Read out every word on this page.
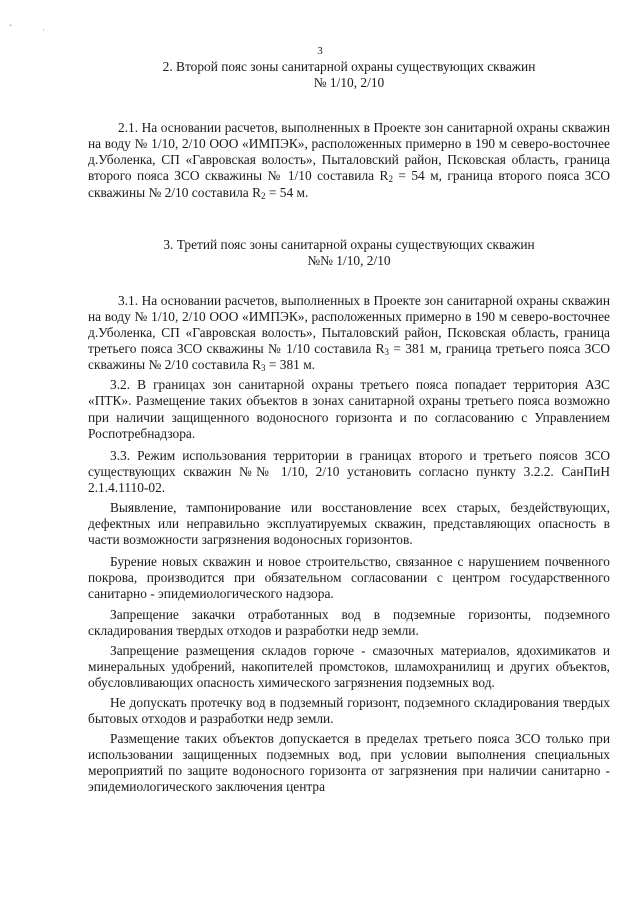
ˆ	·
3
2. Второй пояс зоны санитарной охраны существующих скважин
№ 1/10, 2/10

2.1. На основании расчетов, выполненных в Проекте зон санитарной охраны скважин на воду № 1/10, 2/10 ООО «ИМПЭК», расположенных примерно в 190 м северо-восточнее д.Уболенка, СП «Гавровская волость», Пыталовский район, Псковская область, граница второго пояса ЗСО скважины № 1/10 составила $R_2 = 54$ м, граница второго пояса ЗСО скважины № 2/10 составила $R_2 = 54$ м.

3. Третий пояс зоны санитарной охраны существующих скважин
№№ 1/10, 2/10

3.1. На основании расчетов, выполненных в Проекте зон санитарной охраны скважин на воду № 1/10, 2/10 ООО «ИМПЭК», расположенных примерно в 190 м северо-восточнее д.Уболенка, СП «Гавровская волость», Пыталовский район, Псковская область, граница третьего пояса ЗСО скважины № 1/10 составила $R_3 = 381$ м, граница третьего пояса ЗСО скважины № 2/10 составила $R_3 = 381$ м.

3.2. В границах зон санитарной охраны третьего пояса попадает территория АЗС «ПТК». Размещение таких объектов в зонах санитарной охраны третьего пояса возможно при наличии защищенного водоносного горизонта и по согласованию с Управлением Роспотребнадзора.

3.3. Режим использования территории в границах второго и третьего поясов ЗСО существующих скважин №№ 1/10, 2/10 установить согласно пункту 3.2.2. СанПиН 2.1.4.1110-02.

Выявление, тампонирование или восстановление всех старых, бездействующих, дефектных или неправильно эксплуатируемых скважин, представляющих опасность в части возможности загрязнения водоносных горизонтов.

Бурение новых скважин и новое строительство, связанное с нарушением почвенного покрова, производится при обязательном согласовании с центром государственного санитарно - эпидемиологического надзора.

Запрещение закачки отработанных вод в подземные горизонты, подземного складирования твердых отходов и разработки недр земли.

Запрещение размещения складов горюче - смазочных материалов, ядохимикатов и минеральных удобрений, накопителей промстоков, шламохранилищ и других объектов, обусловливающих опасность химического загрязнения подземных вод.

Не допускать протечку вод в подземный горизонт, подземного складирования твердых бытовых отходов и разработки недр земли.

Размещение таких объектов допускается в пределах третьего пояса ЗСО только при использовании защищенных подземных вод, при условии выполнения специальных мероприятий по защите водоносного горизонта от загрязнения при наличии санитарно - эпидемиологического заключения центра
